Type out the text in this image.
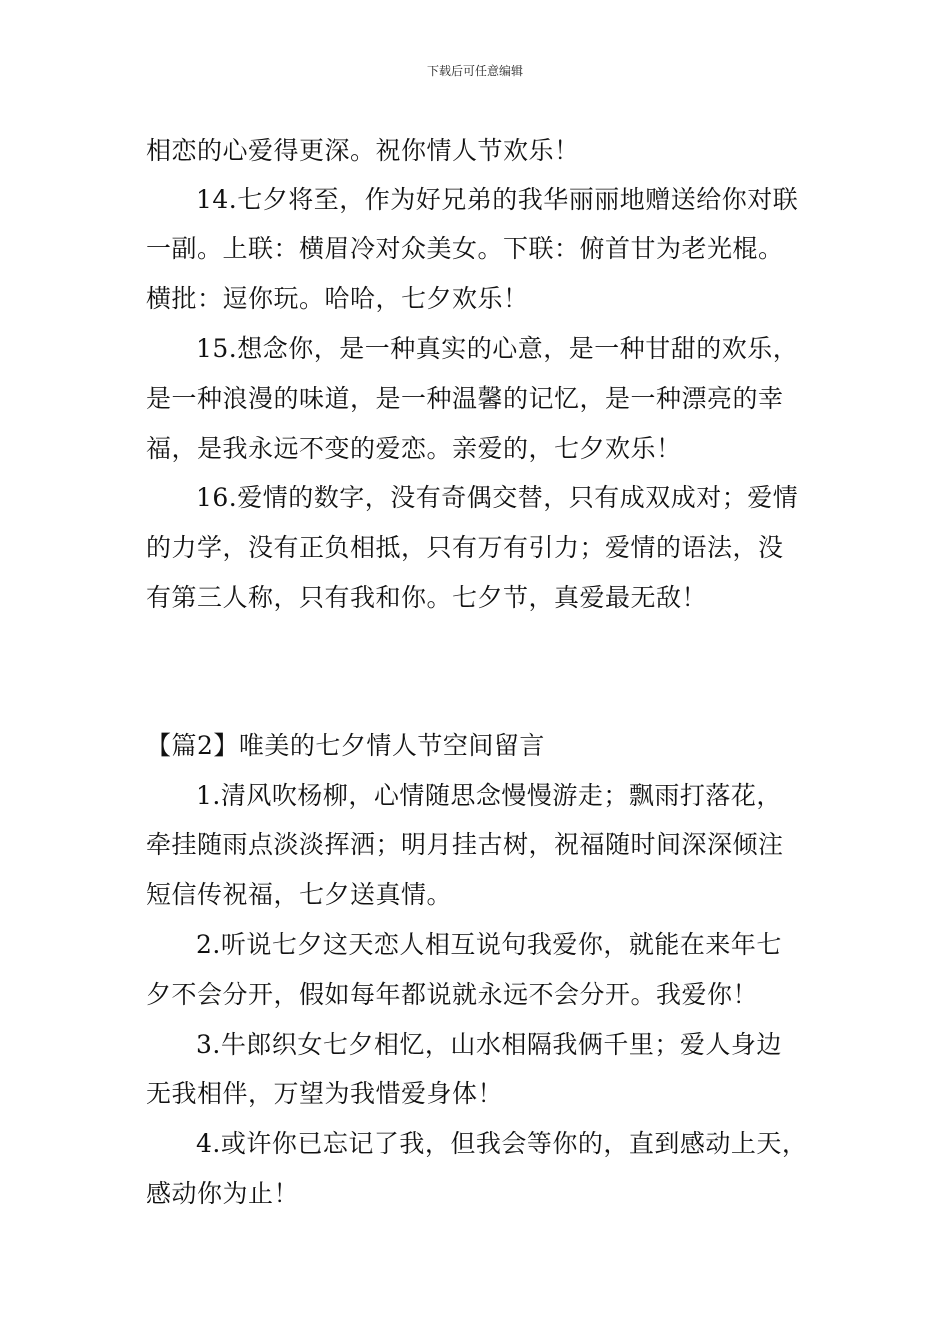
下载后可任意编辑
相恋的心爱得更深。祝你情人节欢乐！
14.七夕将至，作为好兄弟的我华丽丽地赠送给你对联
一副。上联：横眉冷对众美女。下联：俯首甘为老光棍。
横批：逗你玩。哈哈，七夕欢乐！
15.想念你，是一种真实的心意，是一种甘甜的欢乐，
是一种浪漫的味道，是一种温馨的记忆，是一种漂亮的幸
福，是我永远不变的爱恋。亲爱的，七夕欢乐！
16.爱情的数字，没有奇偶交替，只有成双成对；爱情
的力学，没有正负相抵，只有万有引力；爱情的语法，没
有第三人称，只有我和你。七夕节，真爱最无敌！
【篇2】唯美的七夕情人节空间留言
1.清风吹杨柳，心情随思念慢慢游走；飘雨打落花，
牵挂随雨点淡淡挥洒；明月挂古树，祝福随时间深深倾注
短信传祝福，七夕送真情。
2.听说七夕这天恋人相互说句我爱你，就能在来年七
夕不会分开，假如每年都说就永远不会分开。我爱你！
3.牛郎织女七夕相忆，山水相隔我俩千里；爱人身边
无我相伴，万望为我惜爱身体！
4.或许你已忘记了我，但我会等你的，直到感动上天，
感动你为止！
